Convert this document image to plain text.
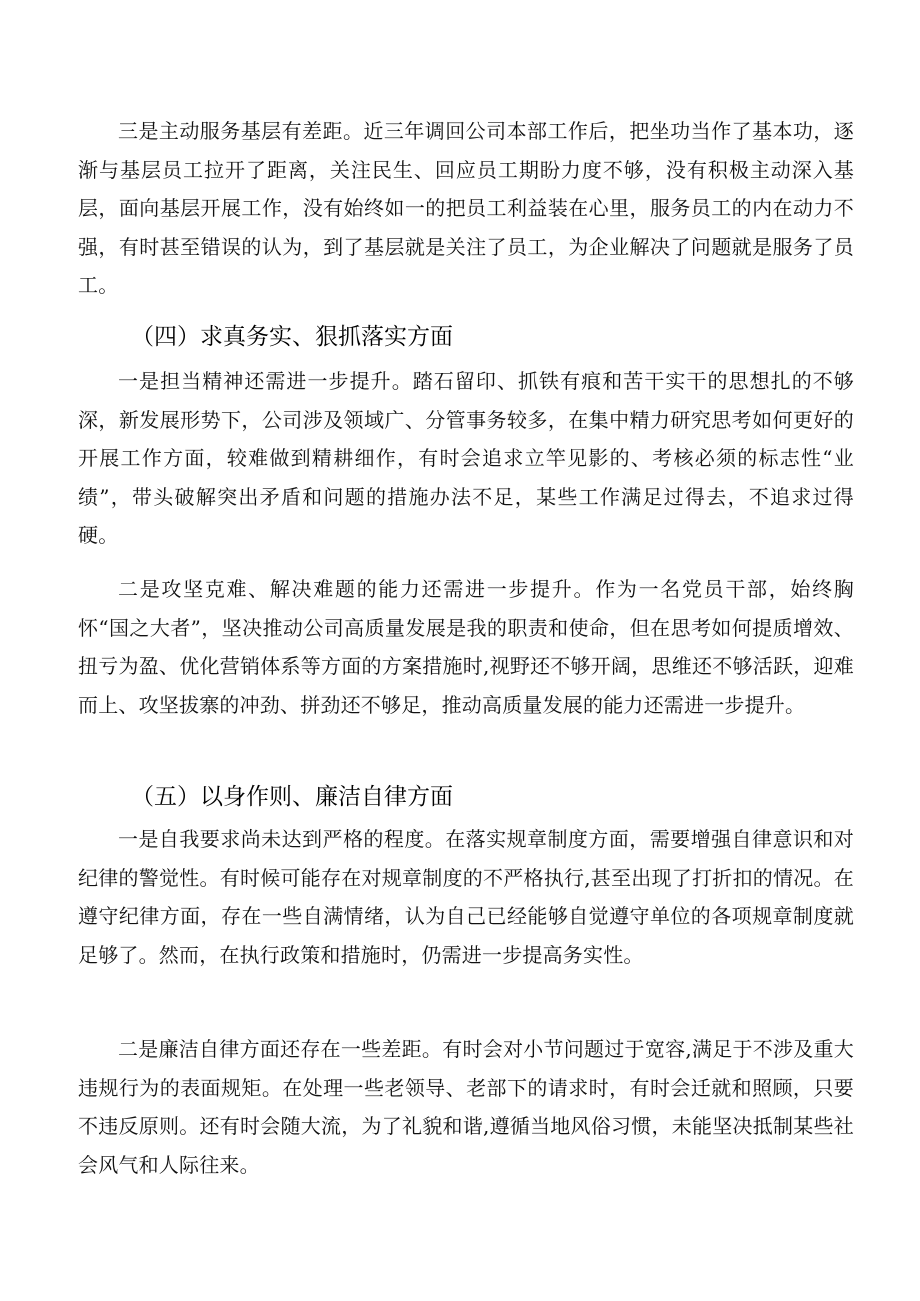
三是主动服务基层有差距。近三年调回公司本部工作后，把坐功当作了基本功，逐渐与基层员工拉开了距离，关注民生、回应员工期盼力度不够，没有积极主动深入基层，面向基层开展工作，没有始终如一的把员工利益装在心里，服务员工的内在动力不强，有时甚至错误的认为，到了基层就是关注了员工，为企业解决了问题就是服务了员工。

（四）求真务实、狠抓落实方面

一是担当精神还需进一步提升。踏石留印、抓铁有痕和苦干实干的思想扎的不够深，新发展形势下，公司涉及领域广、分管事务较多，在集中精力研究思考如何更好的开展工作方面，较难做到精耕细作，有时会追求立竿见影的、考核必须的标志性“业绩”，带头破解突出矛盾和问题的措施办法不足，某些工作满足过得去，不追求过得硬。

二是攻坚克难、解决难题的能力还需进一步提升。作为一名党员干部，始终胸怀“国之大者”，坚决推动公司高质量发展是我的职责和使命，但在思考如何提质增效、扭亏为盈、优化营销体系等方面的方案措施时,视野还不够开阔，思维还不够活跃，迎难而上、攻坚拔寨的冲劲、拼劲还不够足，推动高质量发展的能力还需进一步提升。

（五）以身作则、廉洁自律方面

一是自我要求尚未达到严格的程度。在落实规章制度方面，需要增强自律意识和对纪律的警觉性。有时候可能存在对规章制度的不严格执行,甚至出现了打折扣的情况。在遵守纪律方面，存在一些自满情绪，认为自己已经能够自觉遵守单位的各项规章制度就足够了。然而，在执行政策和措施时，仍需进一步提高务实性。

二是廉洁自律方面还存在一些差距。有时会对小节问题过于宽容,满足于不涉及重大违规行为的表面规矩。在处理一些老领导、老部下的请求时，有时会迁就和照顾，只要不违反原则。还有时会随大流，为了礼貌和谐,遵循当地风俗习惯，未能坚决抵制某些社会风气和人际往来。
